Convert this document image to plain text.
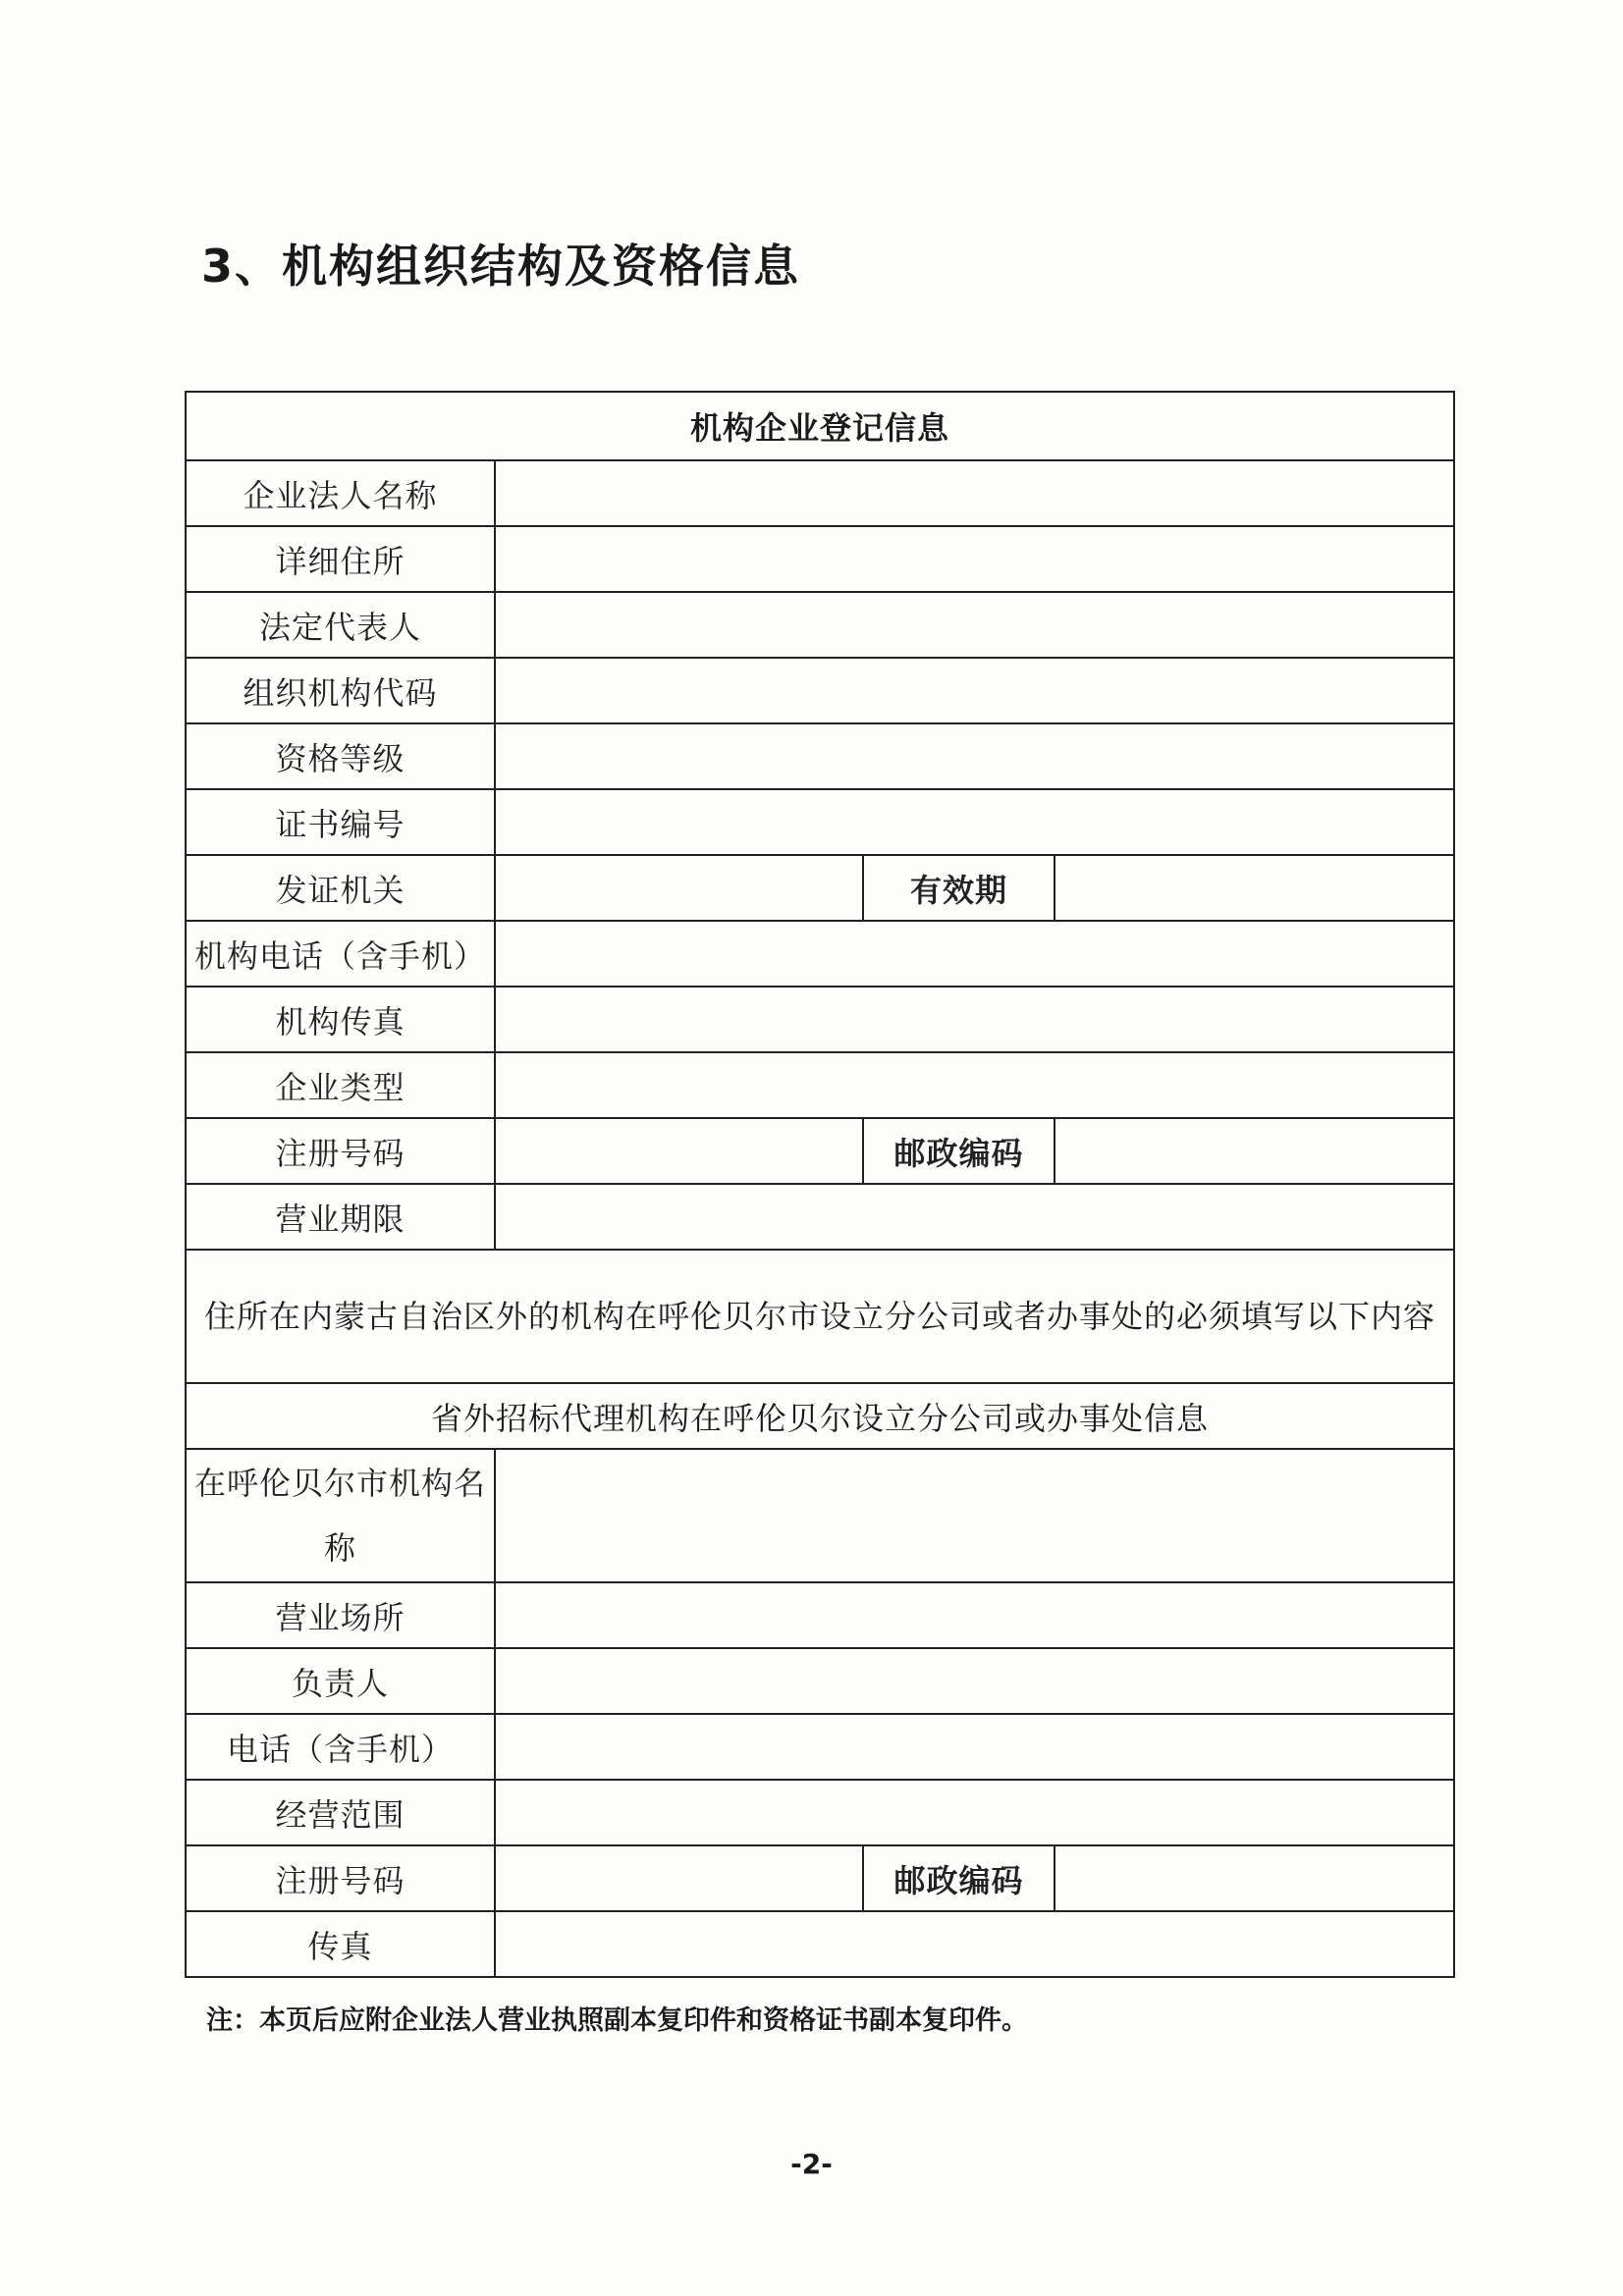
3、机构组织结构及资格信息
机构企业登记信息			
企业法人名称			
详细住所			
法定代表人			
组织机构代码			
资格等级			
证书编号			
发证机关		有效期	
机构电话（含手机）			
机构传真			
企业类型			
注册号码		邮政编码	
营业期限			
住所在内蒙古自治区外的机构在呼伦贝尔市设立分公司或者办事处的必须填写以下内容			
省外招标代理机构在呼伦贝尔设立分公司或办事处信息			
在呼伦贝尔市机构名称			
营业场所			
负责人			
电话（含手机）			
经营范围			
注册号码		邮政编码	
传真			
注：本页后应附企业法人营业执照副本复印件和资格证书副本复印件。
-2-
